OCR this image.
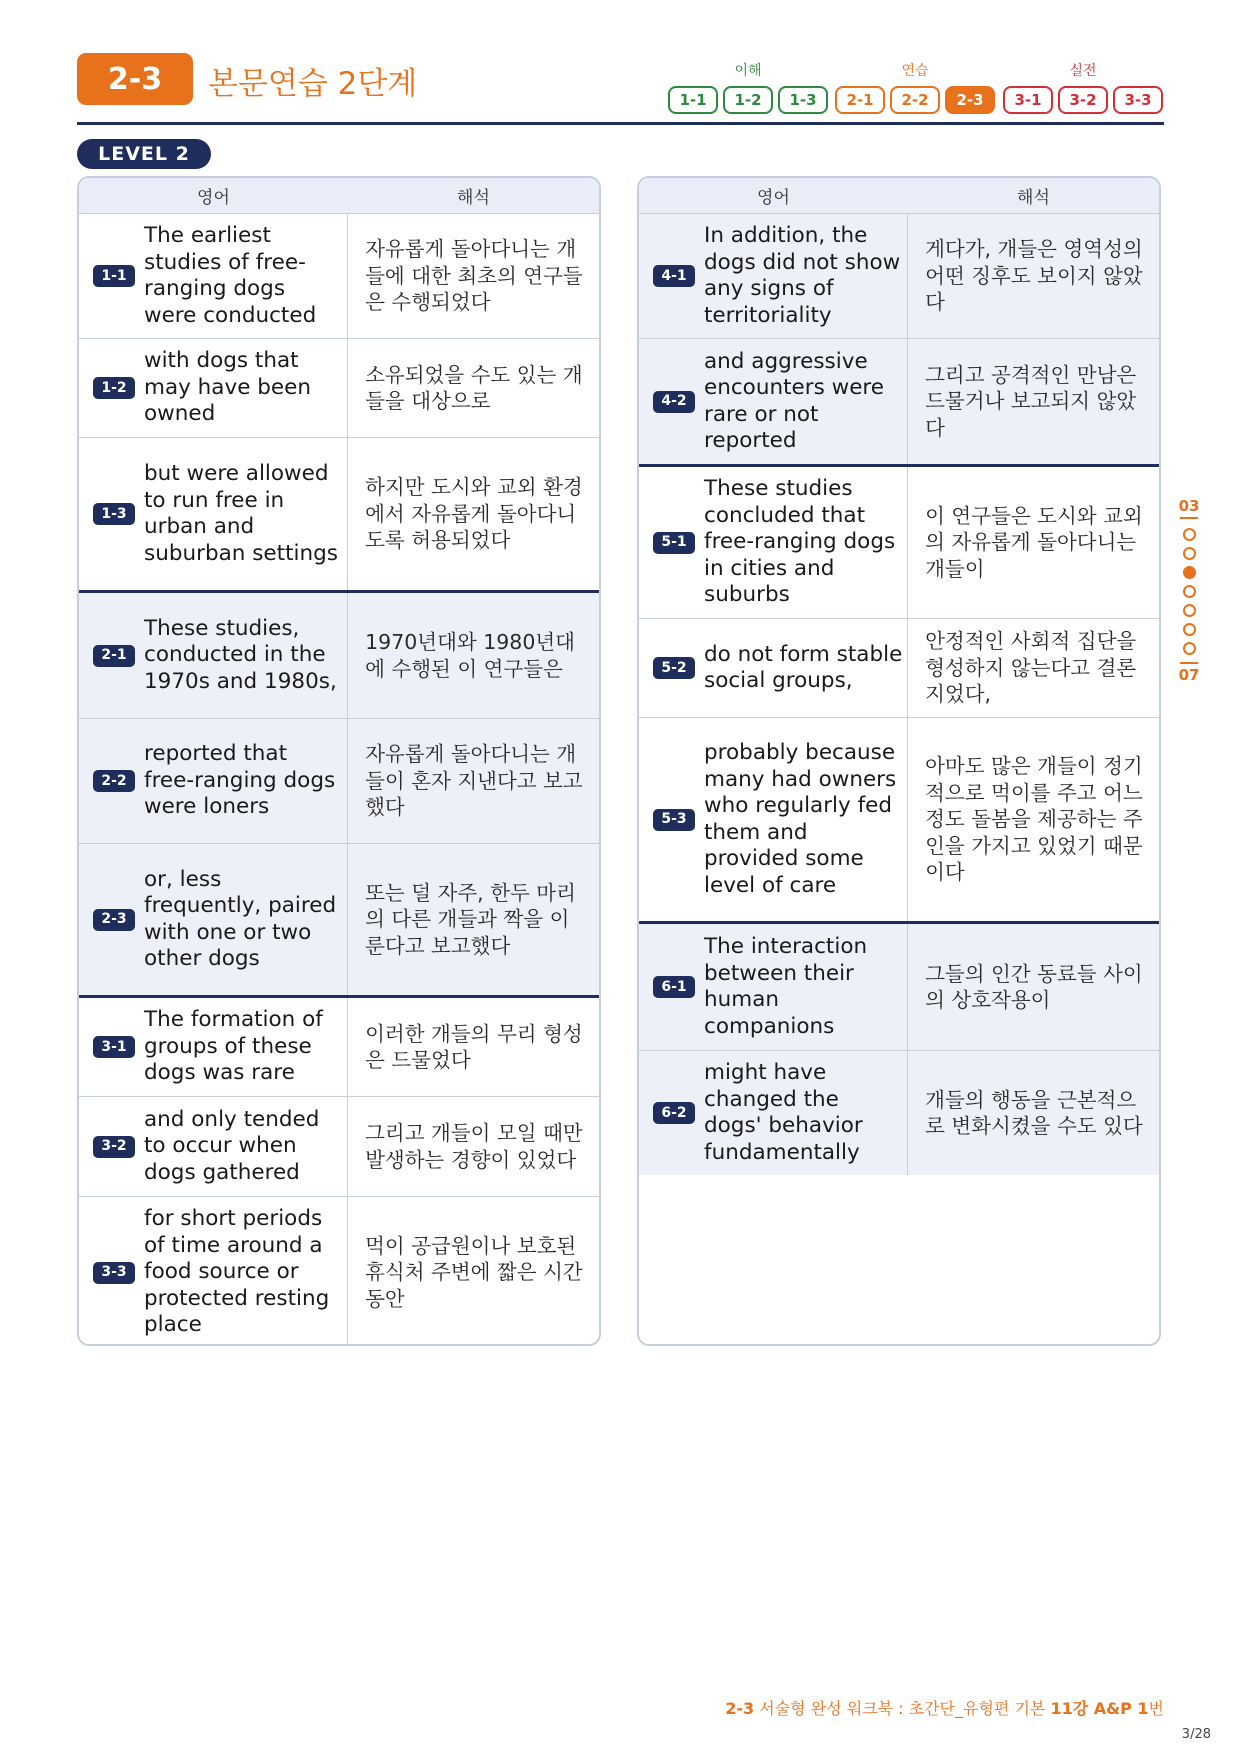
2-3	본문연습 2단계	이해	연습	실전
1-1	1-2	1-3	2-1	2-2	2-3	3-1	3-2	3-3
LEVEL 2
영어	해석
1-1
The earliest studies of free-ranging dogs were conducted
자유롭게 돌아다니는 개들에 대한 최초의 연구들은 수행되었다
1-2
with dogs that may have been owned
소유되었을 수도 있는 개들을 대상으로
1-3
but were allowed to run free in urban and suburban settings
하지만 도시와 교외 환경에서 자유롭게 돌아다니도록 허용되었다
2-1
These studies, conducted in the 1970s and 1980s,
1970년대와 1980년대에 수행된 이 연구들은
2-2
reported that free-ranging dogs were loners
자유롭게 돌아다니는 개들이 혼자 지낸다고 보고했다
2-3
or, less frequently, paired with one or two other dogs
또는 덜 자주, 한두 마리의 다른 개들과 짝을 이룬다고 보고했다
3-1
The formation of groups of these dogs was rare
이러한 개들의 무리 형성은 드물었다
3-2
and only tended to occur when dogs gathered
그리고 개들이 모일 때만 발생하는 경향이 있었다
3-3
for short periods of time around a food source or protected resting place
먹이 공급원이나 보호된 휴식처 주변에 짧은 시간 동안
영어	해석
4-1
In addition, the dogs did not show any signs of territoriality
게다가, 개들은 영역성의 어떤 징후도 보이지 않았다
4-2
and aggressive encounters were rare or not reported
그리고 공격적인 만남은 드물거나 보고되지 않았다
5-1
These studies concluded that free-ranging dogs in cities and suburbs
이 연구들은 도시와 교외의 자유롭게 돌아다니는 개들이
5-2
do not form stable social groups,
안정적인 사회적 집단을 형성하지 않는다고 결론지었다,
5-3
probably because many had owners who regularly fed them and provided some level of care
아마도 많은 개들이 정기적으로 먹이를 주고 어느 정도 돌봄을 제공하는 주인을 가지고 있었기 때문이다
6-1
The interaction between their human companions
그들의 인간 동료들 사이의 상호작용이
6-2
might have changed the dogs' behavior fundamentally
개들의 행동을 근본적으로 변화시켰을 수도 있다
03
07
2-3 서술형 완성 워크북 : 초간단_유형편 기본 11강 A&P 1번
3/28
